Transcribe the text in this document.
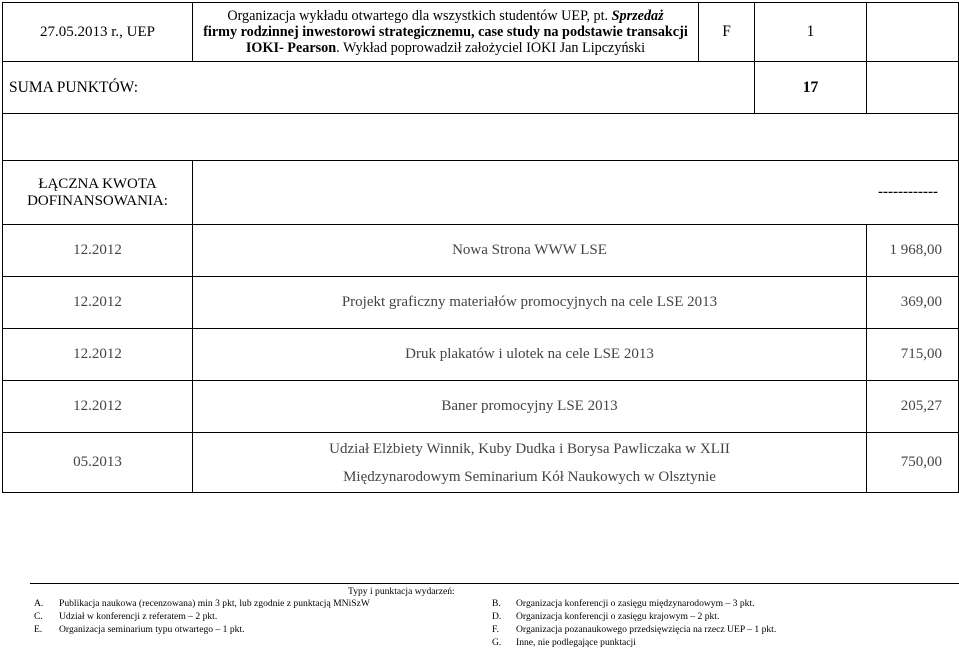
27.05.2013 r., UEP	Organizacja wykładu otwartego dla wszystkich studentów UEP, pt. Sprzedaż
firmy rodzinnej inwestorowi strategicznemu, case study na podstawie transakcji
IOKI- Pearson. Wykład poprowadził założyciel IOKI Jan Lipczyński	F	1	
SUMA PUNKTÓW:			17	

ŁĄCZNA KWOTA
DOFINANSOWANIA:	------------			
12.2012	Nowa Strona WWW LSE			1 968,00
12.2012	Projekt graficzny materiałów promocyjnych na cele LSE 2013			369,00
12.2012	Druk plakatów i ulotek na cele LSE 2013			715,00
12.2012	Baner promocyjny LSE 2013			205,27
05.2013	Udział Elżbiety Winnik, Kuby Dudka i Borysa Pawliczaka w XLII
Międzynarodowym Seminarium Kół Naukowych w Olsztynie			750,00
Typy i punktacja wydarzeń:
A. Publikacja naukowa (recenzowana) min 3 pkt, lub zgodnie z punktacją MNiSzW	B. Organizacja konferencji o zasięgu międzynarodowym – 3 pkt.
C. Udział w konferencji z referatem – 2 pkt.	D. Organizacja konferencji o zasięgu krajowym – 2 pkt.
E. Organizacja seminarium typu otwartego – 1 pkt.	F. Organizacja pozanaukowego przedsięwzięcia na rzecz UEP – 1 pkt.
G. Inne, nie podlegające punktacji
